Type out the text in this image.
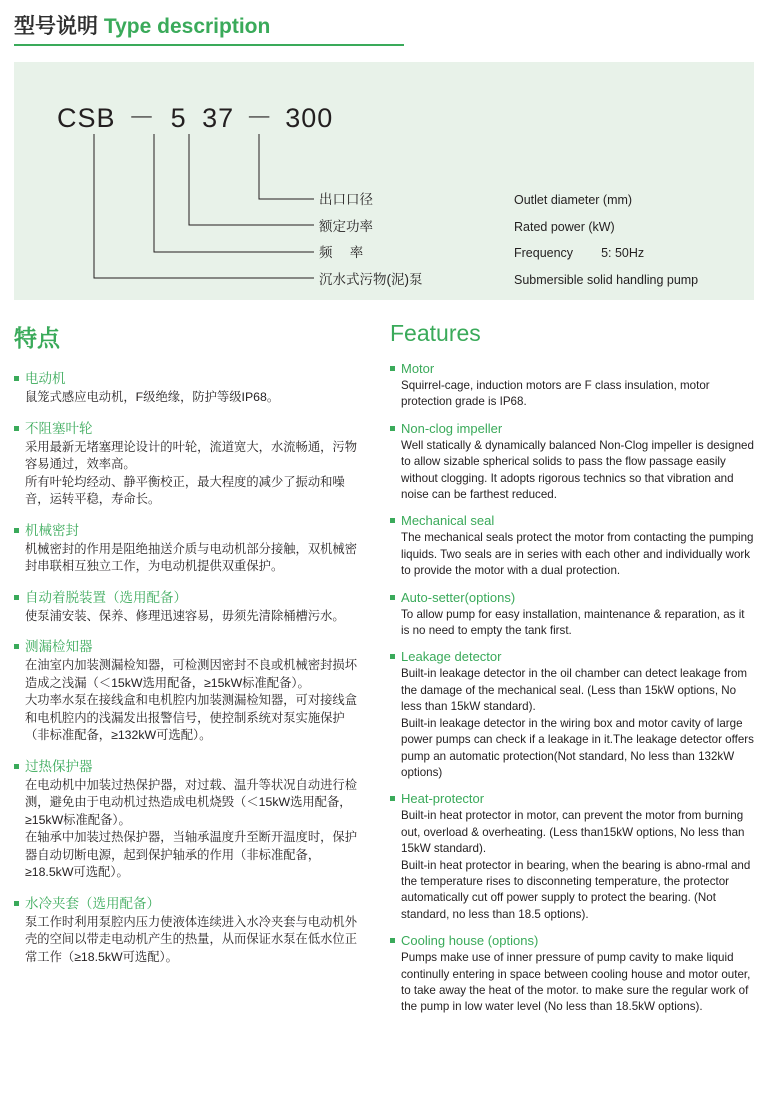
型号说明 Type description
CSB － 5 37 － 300
出口口径
额定功率
频　 率
沉水式污物(泥)泵
Outlet diameter (mm)
Rated power (kW)
Frequency 5: 50Hz
Submersible solid handling pump
特点
电动机
鼠笼式感应电动机，F级绝缘，防护等级IP68。
不阻塞叶轮
采用最新无堵塞理论设计的叶轮，流道宽大，水流畅通，污物容易通过，效率高。
所有叶轮均经动、静平衡校正，最大程度的减少了振动和噪音，运转平稳，寿命长。
机械密封
机械密封的作用是阻绝抽送介质与电动机部分接触，双机械密封串联相互独立工作，为电动机提供双重保护。
自动着脱装置（选用配备）
使泵浦安装、保养、修理迅速容易，毋须先清除桶槽污水。
测漏检知器
在油室内加装测漏检知器，可检测因密封不良或机械密封损坏造成之浅漏（＜15kW选用配备，≥15kW标准配备）。
大功率水泵在接线盒和电机腔内加装测漏检知器，可对接线盒和电机腔内的浅漏发出报警信号，使控制系统对泵实施保护（非标准配备，≥132kW可选配）。
过热保护器
在电动机中加装过热保护器，对过载、温升等状况自动进行检测，避免由于电动机过热造成电机烧毁（＜15kW选用配备，≥15kW标准配备）。
在轴承中加装过热保护器，当轴承温度升至断开温度时，保护器自动切断电源，起到保护轴承的作用（非标准配备，≥18.5kW可选配）。
水冷夹套（选用配备）
泵工作时利用泵腔内压力使液体连续进入水冷夹套与电动机外壳的空间以带走电动机产生的热量，从而保证水泵在低水位正常工作（≥18.5kW可选配）。
Features
Motor
Squirrel-cage, induction motors are F class insulation, motor protection grade is IP68.
Non-clog impeller
Well statically & dynamically balanced Non-Clog impeller is designed to allow sizable spherical solids to pass the flow passage easily without clogging. It adopts rigorous technics so that vibration and noise can be farthest reduced.
Mechanical seal
The mechanical seals protect the motor from contacting the pumping liquids. Two seals are in series with each other and individually work to provide the motor with a dual protection.
Auto-setter(options)
To allow pump for easy installation, maintenance & reparation, as it is no need to empty the tank first.
Leakage detector
Built-in leakage detector in the oil chamber can detect leakage from the damage of the mechanical seal. (Less than 15kW options, No less than 15kW standard).
Built-in leakage detector in the wiring box and motor cavity of large power pumps can check if a leakage in it.The leakage detector offers pump an automatic protection(Not standard, No less than 132kW options)
Heat-protector
Built-in heat protector in motor, can prevent the motor from burning out, overload & overheating. (Less than15kW options, No less than 15kW standard).
Built-in heat protector in bearing, when the bearing is abno-rmal and the temperature rises to disconneting temperature, the protector automatically cut off power supply to protect the bearing. (Not standard, no less than 18.5 options).
Cooling house (options)
Pumps make use of inner pressure of pump cavity to make liquid continully entering in space between cooling house and motor outer, to take away the heat of the motor. to make sure the regular work of the pump in low water level (No less than 18.5kW options).
